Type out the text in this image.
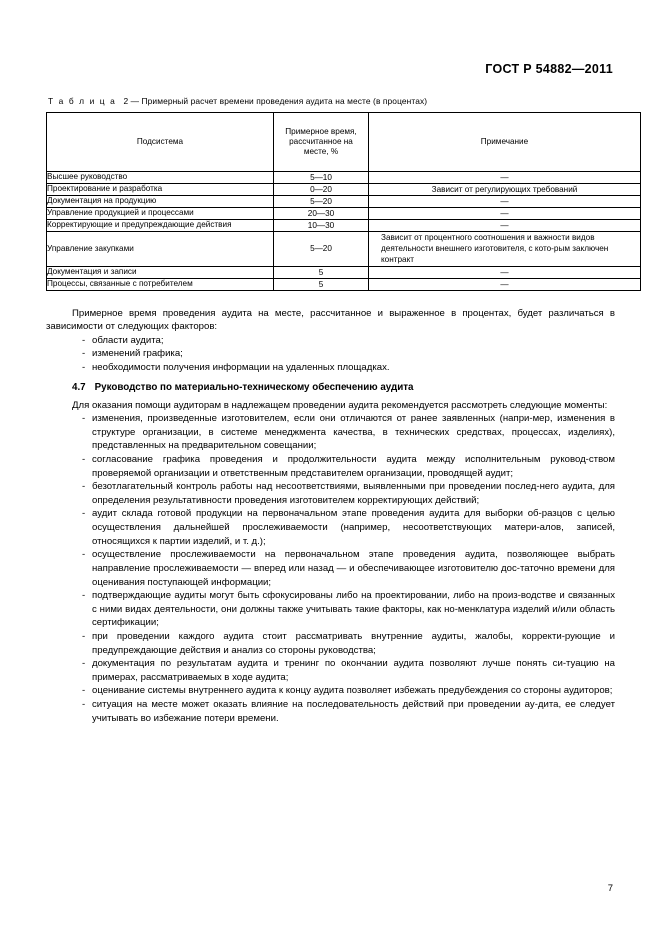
ГОСТ Р 54882—2011
Т а б л и ц а 2 — Примерный расчет времени проведения аудита на месте (в процентах)
Подсистема	Примерное время, рассчитанное на месте, %	Примечание
Высшее руководство	5—10	—
Проектирование и разработка	0—20	Зависит от регулирующих требований
Документация на продукцию	5—20	—
Управление продукцией и процессами	20—30	—
Корректирующие и предупреждающие действия	10—30	—
Управление закупками	5—20	Зависит от процентного соотношения и важности видов деятельности внешнего изготовителя, с кото-рым заключен контракт
Документация и записи	5	—
Процессы, связанные с потребителем	5	—

Примерное время проведения аудита на месте, рассчитанное и выраженное в процентах, будет различаться в зависимости от следующих факторов:

- области аудита;
- изменений графика;
- необходимости получения информации на удаленных площадках.
4.7 Руководство по материально-техническому обеспечению аудита

Для оказания помощи аудиторам в надлежащем проведении аудита рекомендуется рассмотреть следующие моменты:

- изменения, произведенные изготовителем, если они отличаются от ранее заявленных (напри-мер, изменения в структуре организации, в системе менеджмента качества, в технических средствах, процессах, изделиях), представленных на предварительном совещании;
- согласование графика проведения и продолжительности аудита между исполнительным руковод-ством проверяемой организации и ответственным представителем организации, проводящей аудит;
- безотлагательный контроль работы над несоответствиями, выявленными при проведении послед-него аудита, для определения результативности проведения изготовителем корректирующих действий;
- аудит склада готовой продукции на первоначальном этапе проведения аудита для выборки об-разцов с целью осуществления дальнейшей прослеживаемости (например, несоответствующих матери-алов, записей, относящихся к партии изделий, и т. д.);
- осуществление прослеживаемости на первоначальном этапе проведения аудита, позволяющее выбрать направление прослеживаемости — вперед или назад — и обеспечивающее изготовителю дос-таточно времени для оценивания поступающей информации;
- подтверждающие аудиты могут быть сфокусированы либо на проектировании, либо на произ-водстве и связанных с ними видах деятельности, они должны также учитывать такие факторы, как но-менклатура изделий и/или область сертификации;
- при проведении каждого аудита стоит рассматривать внутренние аудиты, жалобы, корректи-рующие и предупреждающие действия и анализ со стороны руководства;
- документация по результатам аудита и тренинг по окончании аудита позволяют лучше понять си-туацию на примерах, рассматриваемых в ходе аудита;
- оценивание системы внутреннего аудита к концу аудита позволяет избежать предубеждения со стороны аудиторов;
- ситуация на месте может оказать влияние на последовательность действий при проведении ау-дита, ее следует учитывать во избежание потери времени.
7
